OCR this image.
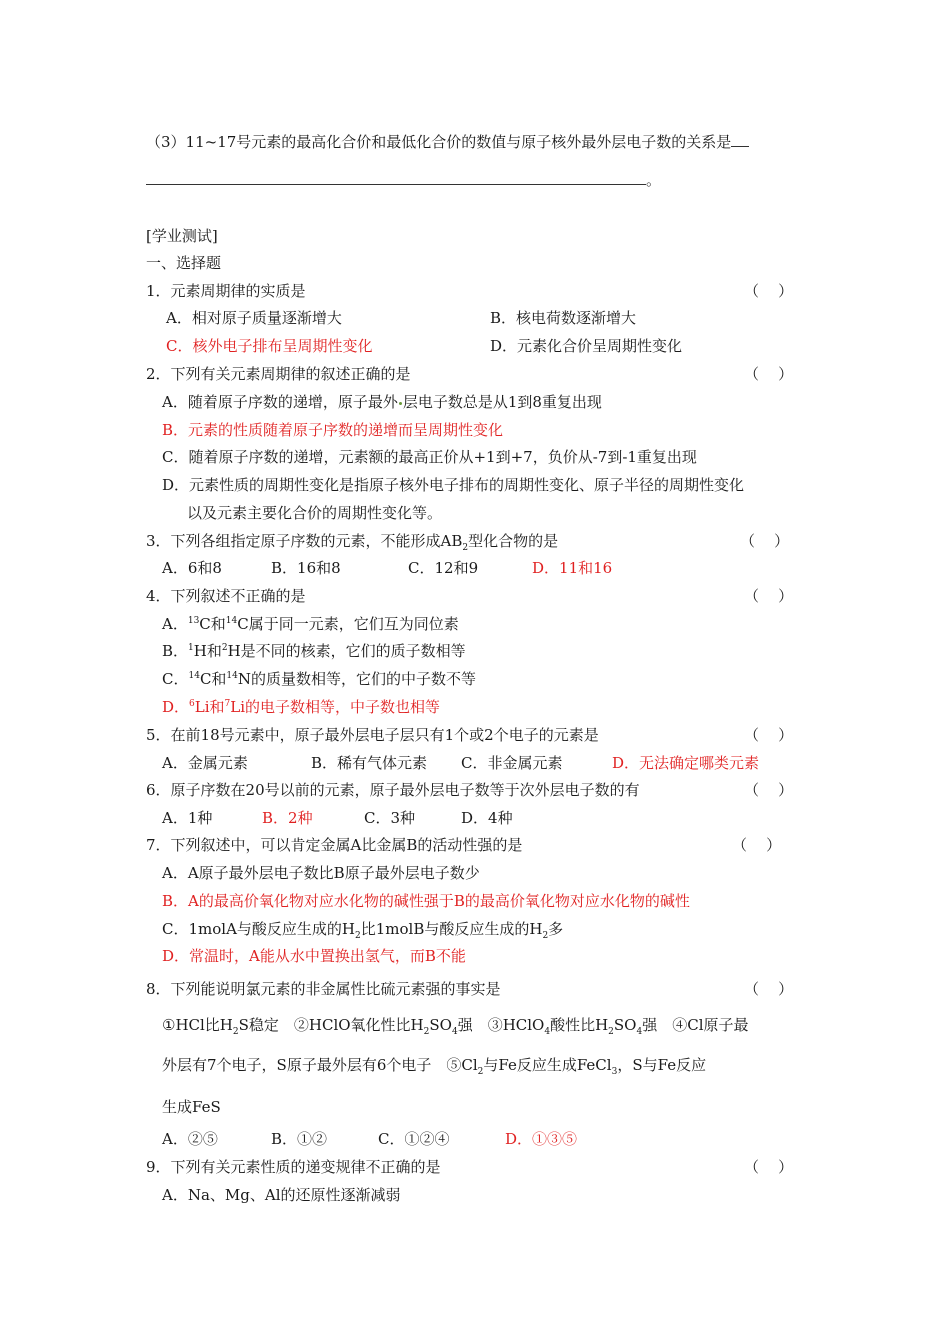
（3）11~17号元素的最高化合价和最低化合价的数值与原子核外最外层电子数的关系是
。
[学业测试]
一、选择题
1．元素周期律的实质是	（    ）
A．相对原子质量逐渐增大	B．核电荷数逐渐增大
C．核外电子排布呈周期性变化	D．元素化合价呈周期性变化
2．下列有关元素周期律的叙述正确的是	（    ）
A．随着原子序数的递增，原子最外 层电子数总是从1到8重复出现
B．元素的性质随着原子序数的递增而呈周期性变化
C．随着原子序数的递增，元素额的最高正价从+1到+7，负价从-7到-1重复出现
D．元素性质的周期性变化是指原子核外电子排布的周期性变化、原子半径的周期性变化
以及元素主要化合价的周期性变化等。
3．下列各组指定原子序数的元素，不能形成$AB_2$型化合物的是	（    ）
A．6和8	B．16和8	C．12和9	D．11和16
4．下列叙述不正确的是	（    ）
A．$^{13}$C和$^{14}$C属于同一元素，它们互为同位素
B．$^1$H和$^2$H是不同的核素，它们的质子数相等
C．$^{14}$C和$^{14}$N的质量数相等，它们的中子数不等
D．$^6$Li和$^7$Li的电子数相等，中子数也相等
5．在前18号元素中，原子最外层电子层只有1个或2个电子的元素是	（    ）
A．金属元素	B．稀有气体元素 C．非金属元素	D．无法确定哪类元素
6．原子序数在20号以前的元素，原子最外层电子数等于次外层电子数的有	（    ）
A．1种	B．2种	C．3种	D．4种
7．下列叙述中，可以肯定金属A比金属B的活动性强的是	（    ）
A．A原子最外层电子数比B原子最外层电子数少
B．A的最高价氧化物对应水化物的碱性强于B的最高价氧化物对应水化物的碱性
C．1molA与酸反应生成的$H_2$比1molB与酸反应生成的$H_2$多
D．常温时，A能从水中置换出氢气，而B不能
8．下列能说明氯元素的非金属性比硫元素强的事实是	（    ）
①HCl比$H_2S$稳定　②HClO氧化性比$H_2SO_4$强　③HClO$_4$酸性比$H_2SO_4$强　④Cl原子最
外层有7个电子，S原子最外层有6个电子　$⑤Cl_2$与Fe反应生成FeCl$_3$，S与Fe反应
生成FeS
A．②⑤	B．①②	C．①②④	D．①③⑤
9．下列有关元素性质的递变规律不正确的是	（    ）
A．Na、Mg、Al的还原性逐渐减弱
